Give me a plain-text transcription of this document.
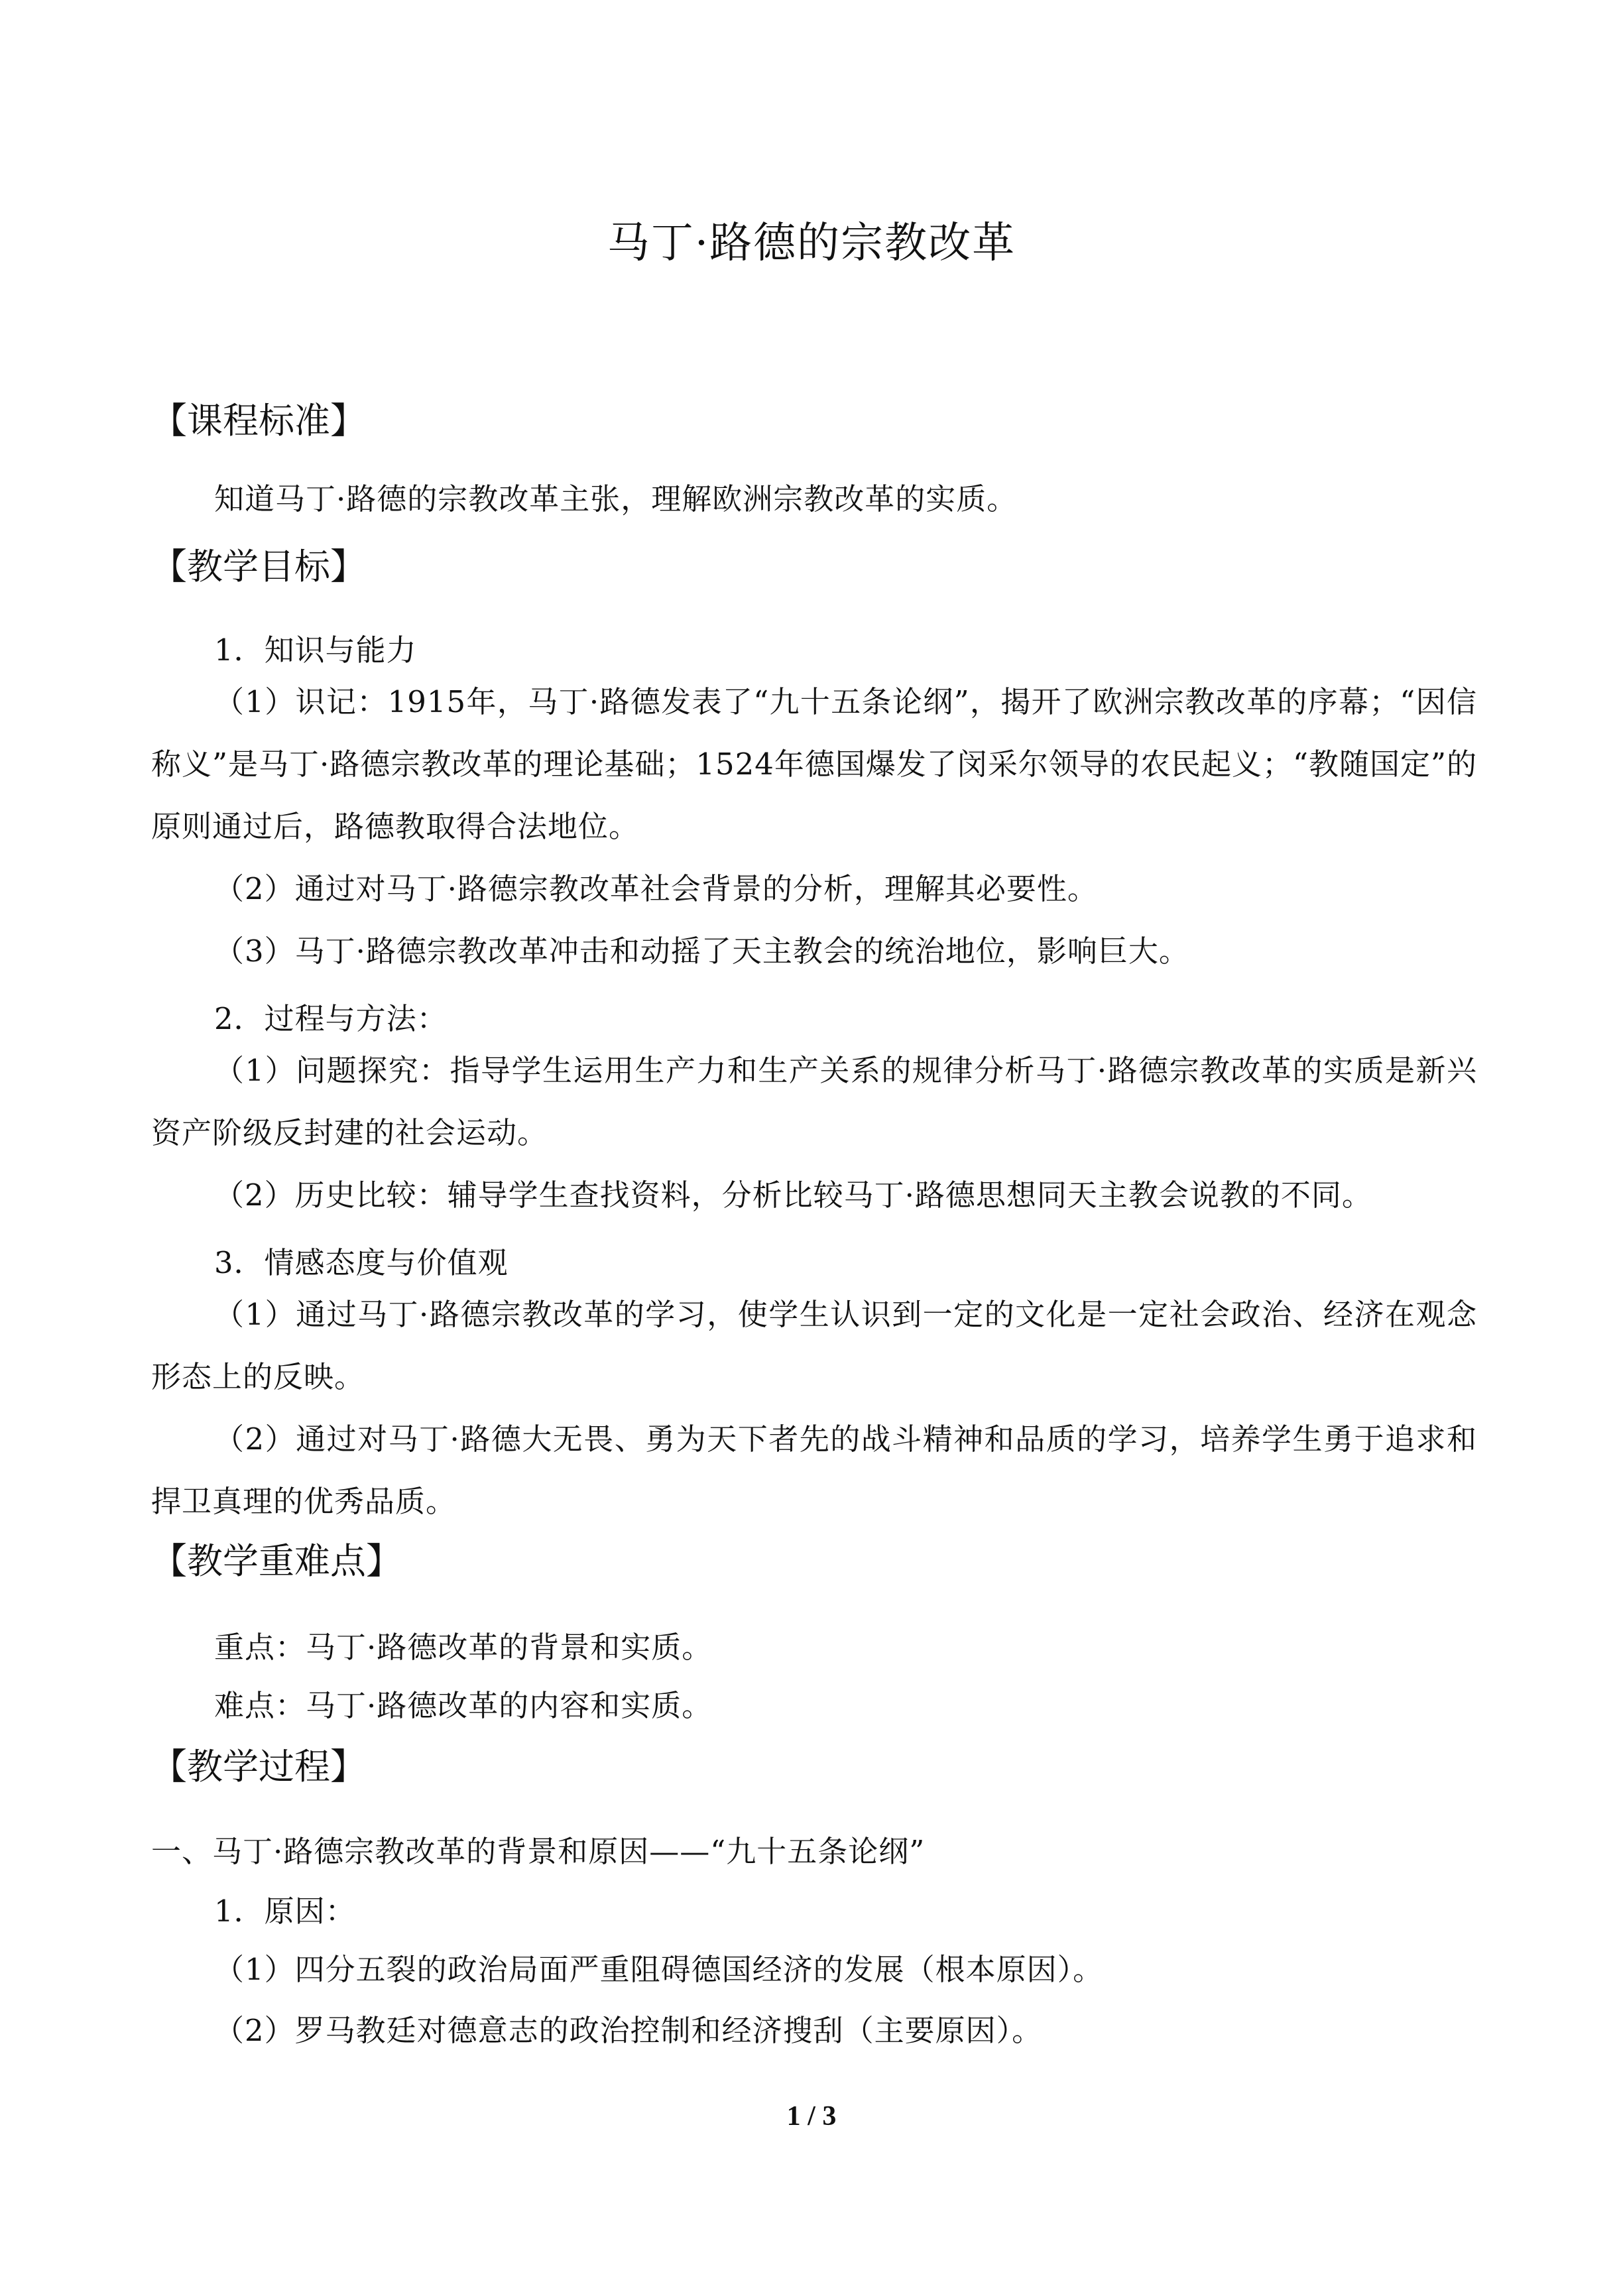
马丁·路德的宗教改革
【课程标准】

知道马丁·路德的宗教改革主张，理解欧洲宗教改革的实质。

【教学目标】
1．知识与能力

（1）识记：1915年，马丁·路德发表了“九十五条论纲”，揭开了欧洲宗教改革的序幕；“因信称义”是马丁·路德宗教改革的理论基础；1524年德国爆发了闵采尔领导的农民起义；“教随国定”的原则通过后，路德教取得合法地位。

（2）通过对马丁·路德宗教改革社会背景的分析，理解其必要性。

（3）马丁·路德宗教改革冲击和动摇了天主教会的统治地位，影响巨大。

2．过程与方法：

（1）问题探究：指导学生运用生产力和生产关系的规律分析马丁·路德宗教改革的实质是新兴资产阶级反封建的社会运动。

（2）历史比较：辅导学生查找资料，分析比较马丁·路德思想同天主教会说教的不同。

3．情感态度与价值观

（1）通过马丁·路德宗教改革的学习，使学生认识到一定的文化是一定社会政治、经济在观念形态上的反映。

（2）通过对马丁·路德大无畏、勇为天下者先的战斗精神和品质的学习，培养学生勇于追求和捍卫真理的优秀品质。

【教学重难点】
重点：马丁·路德改革的背景和实质。
难点：马丁·路德改革的内容和实质。
【教学过程】
一、马丁·路德宗教改革的背景和原因——“九十五条论纲”
1．原因：
（1）四分五裂的政治局面严重阻碍德国经济的发展（根本原因）。
（2）罗马教廷对德意志的政治控制和经济搜刮（主要原因）。
1 / 3
